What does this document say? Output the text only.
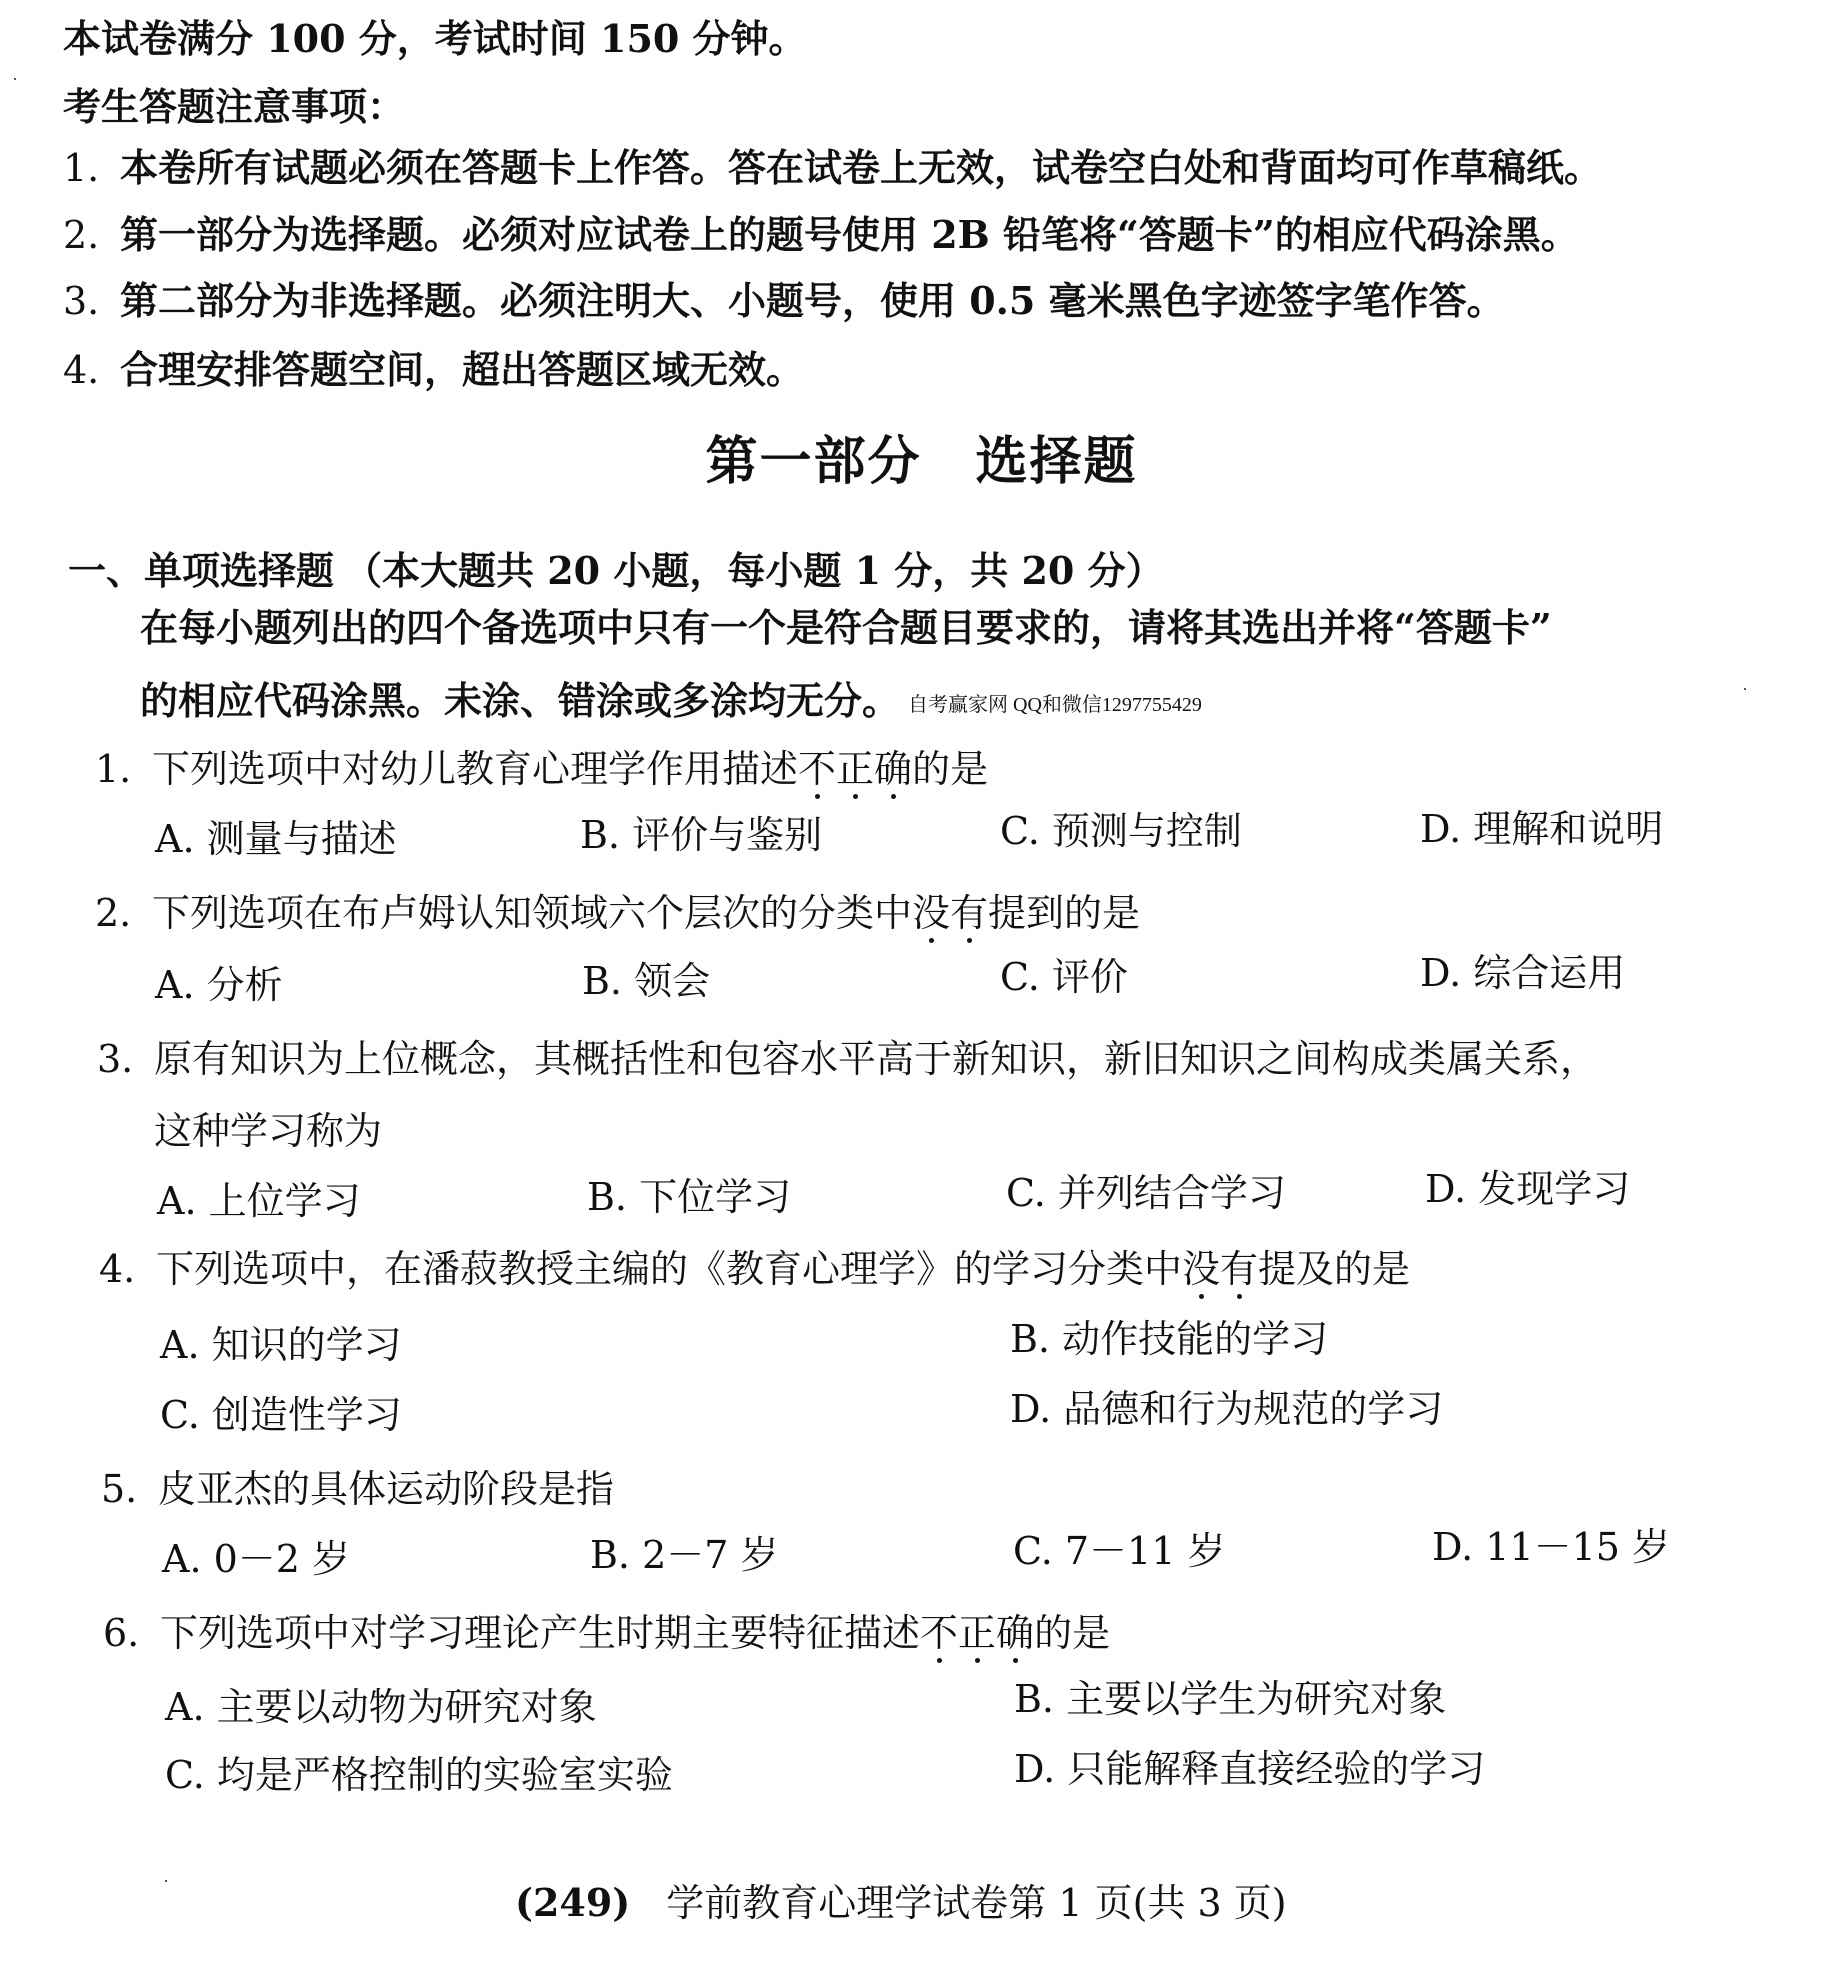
本试卷满分 100 分，考试时间 150 分钟。
考生答题注意事项：
1. 本卷所有试题必须在答题卡上作答。答在试卷上无效，试卷空白处和背面均可作草稿纸。
2. 第一部分为选择题。必须对应试卷上的题号使用 2B 铅笔将“答题卡”的相应代码涂黑。
3. 第二部分为非选择题。必须注明大、小题号，使用 0.5 毫米黑色字迹签字笔作答。
4. 合理安排答题空间，超出答题区域无效。
第一部分　选择题
一、单项选择题 （本大题共 20 小题，每小题 1 分，共 20 分）
在每小题列出的四个备选项中只有一个是符合题目要求的，请将其选出并将“答题卡”
的相应代码涂黑。未涂、错涂或多涂均无分。 自考赢家网 QQ和微信1297755429
1. 下列选项中对幼儿教育心理学作用描述不正确的是
A. 测量与描述	B. 评价与鉴别	C. 预测与控制	D. 理解和说明
2. 下列选项在布卢姆认知领域六个层次的分类中没有提到的是
A. 分析	B. 领会	C. 评价	D. 综合运用
3. 原有知识为上位概念，其概括性和包容水平高于新知识，新旧知识之间构成类属关系，
这种学习称为
A. 上位学习	B. 下位学习	C. 并列结合学习	D. 发现学习
4. 下列选项中，在潘菽教授主编的《教育心理学》的学习分类中没有提及的是
A. 知识的学习	B. 动作技能的学习
C. 创造性学习	D. 品德和行为规范的学习
5. 皮亚杰的具体运动阶段是指
A. 0－2 岁	B. 2－7 岁	C. 7－11 岁	D. 11－15 岁
6. 下列选项中对学习理论产生时期主要特征描述不正确的是
A. 主要以动物为研究对象	B. 主要以学生为研究对象
C. 均是严格控制的实验室实验	D. 只能解释直接经验的学习
(249) 学前教育心理学试卷第 1 页(共 3 页)
